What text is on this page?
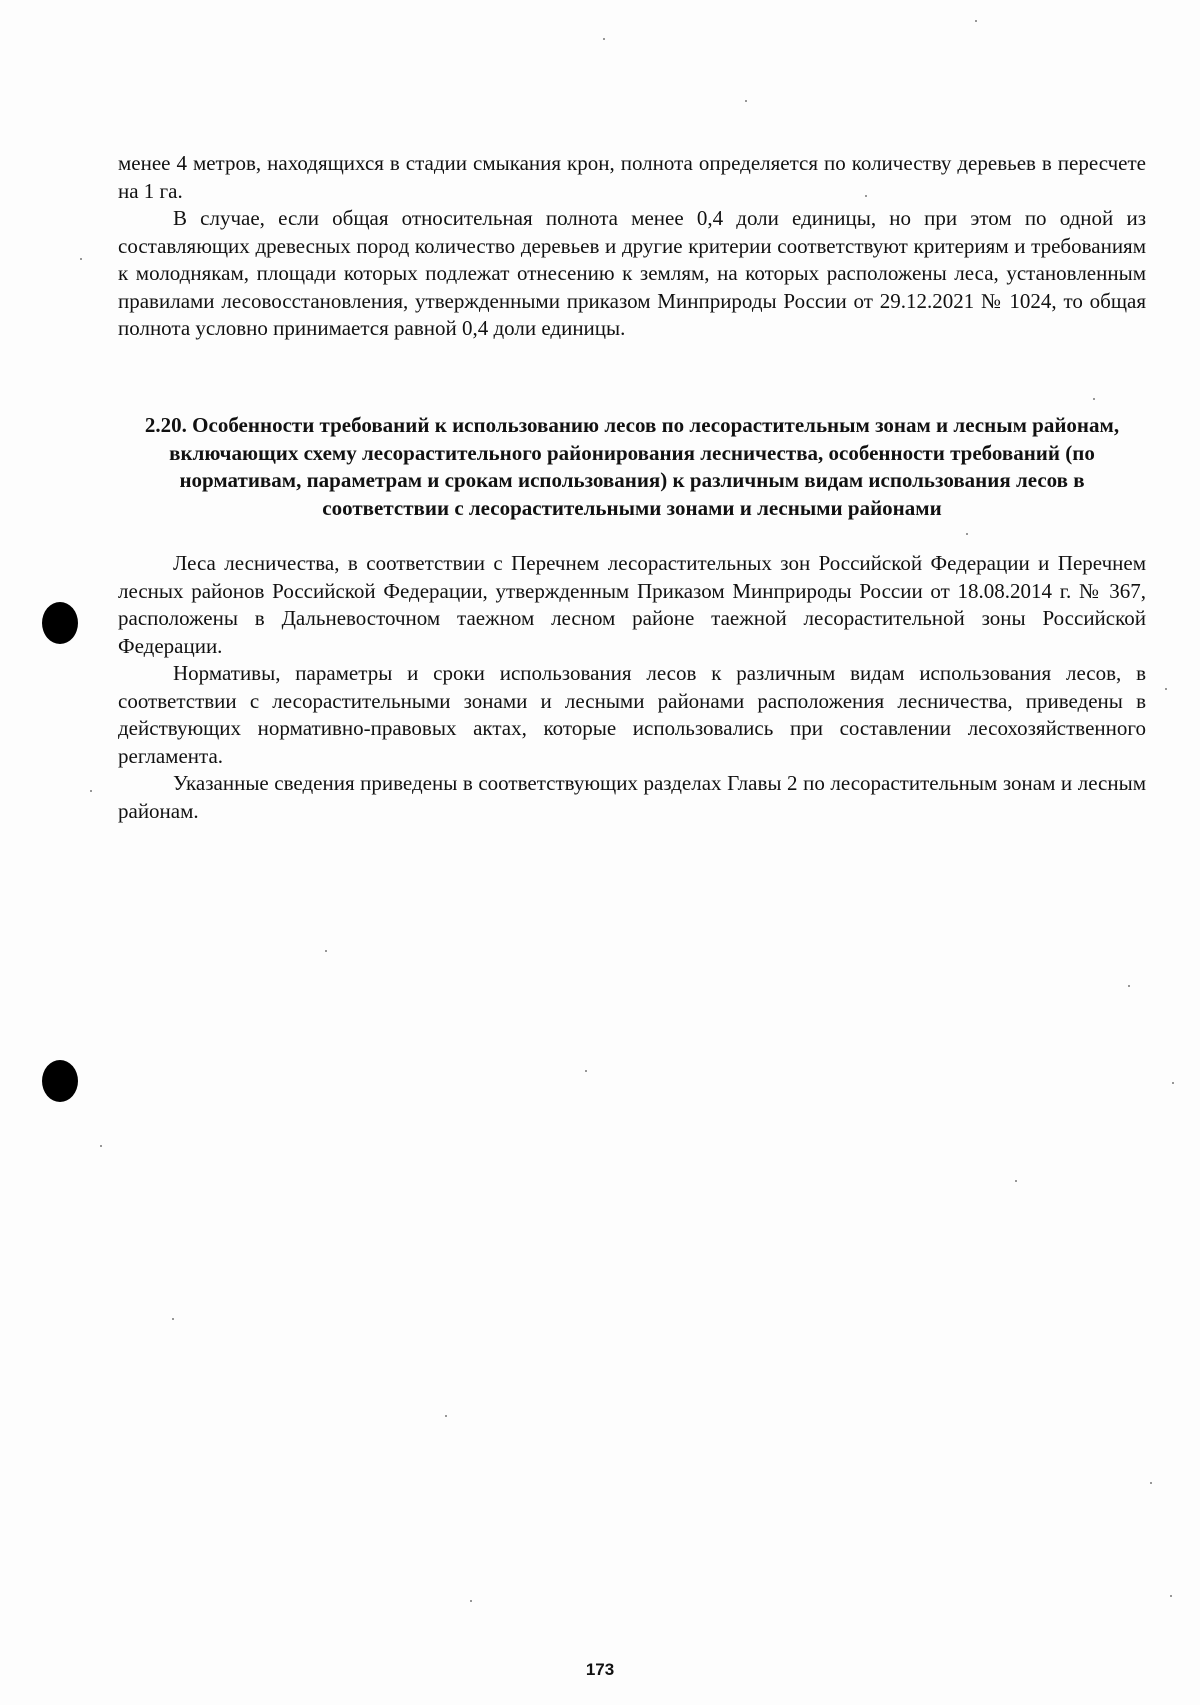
менее 4 метров, находящихся в стадии смыкания крон, полнота определяется по количеству деревьев в пересчете на 1 га.

В случае, если общая относительная полнота менее 0,4 доли единицы, но при этом по одной из составляющих древесных пород количество деревьев и другие критерии соответствуют критериям и требованиям к молоднякам, площади которых подлежат отнесению к землям, на которых расположены леса, установленным правилами лесовосстановления, утвержденными приказом Минприроды России от 29.12.2021 № 1024, то общая полнота условно принимается равной 0,4 доли единицы.

2.20. Особенности требований к использованию лесов по лесорастительным зонам и лесным районам, включающих схему лесорастительного районирования лесничества, особенности требований (по нормативам, параметрам и срокам использования) к различным видам использования лесов в соответствии с лесорастительными зонами и лесными районами

Леса лесничества, в соответствии с Перечнем лесорастительных зон Российской Федерации и Перечнем лесных районов Российской Федерации, утвержденным Приказом Минприроды России от 18.08.2014 г. № 367, расположены в Дальневосточном таежном лесном районе таежной лесорастительной зоны Российской Федерации.

Нормативы, параметры и сроки использования лесов к различным видам использования лесов, в соответствии с лесорастительными зонами и лесными районами расположения лесничества, приведены в действующих нормативно-правовых актах, которые использовались при составлении лесохозяйственного регламента.

Указанные сведения приведены в соответствующих разделах Главы 2 по лесорастительным зонам и лесным районам.

173
